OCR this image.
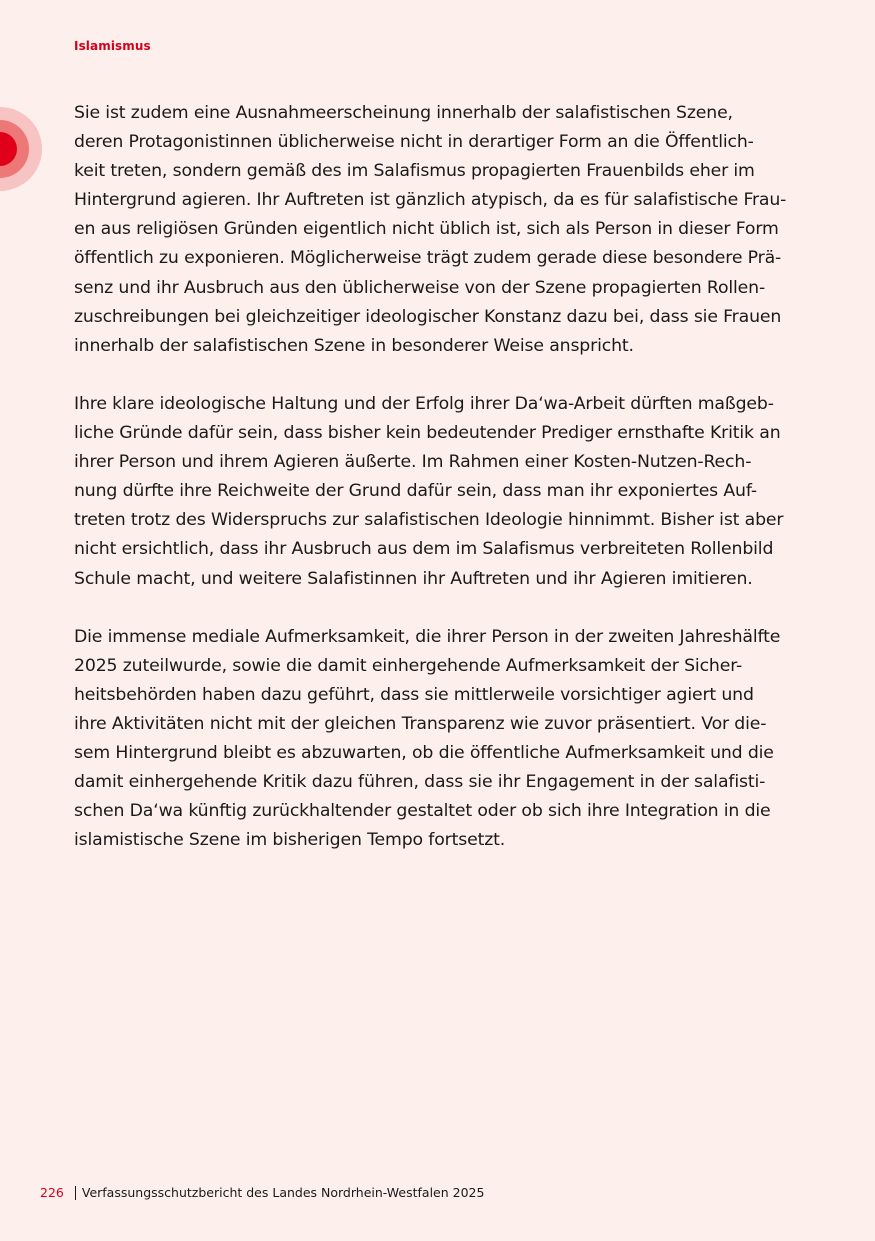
Islamismus

Sie ist zudem eine Ausnahmeerscheinung innerhalb der salafistischen Szene,
deren Protagonistinnen üblicherweise nicht in derartiger Form an die Öffentlich-
keit treten, sondern gemäß des im Salafismus propagierten Frauenbilds eher im
Hintergrund agieren. Ihr Auftreten ist gänzlich atypisch, da es für salafistische Frau-
en aus religiösen Gründen eigentlich nicht üblich ist, sich als Person in dieser Form
öffentlich zu exponieren. Möglicherweise trägt zudem gerade diese besondere Prä-
senz und ihr Ausbruch aus den üblicherweise von der Szene propagierten Rollen-
zuschreibungen bei gleichzeitiger ideologischer Konstanz dazu bei, dass sie Frauen
innerhalb der salafistischen Szene in besonderer Weise anspricht.

Ihre klare ideologische Haltung und der Erfolg ihrer Da‘wa-Arbeit dürften maßgeb-
liche Gründe dafür sein, dass bisher kein bedeutender Prediger ernsthafte Kritik an
ihrer Person und ihrem Agieren äußerte. Im Rahmen einer Kosten-Nutzen-Rech-
nung dürfte ihre Reichweite der Grund dafür sein, dass man ihr exponiertes Auf-
treten trotz des Widerspruchs zur salafistischen Ideologie hinnimmt. Bisher ist aber
nicht ersichtlich, dass ihr Ausbruch aus dem im Salafismus verbreiteten Rollenbild
Schule macht, und weitere Salafistinnen ihr Auftreten und ihr Agieren imitieren.

Die immense mediale Aufmerksamkeit, die ihrer Person in der zweiten Jahreshälfte
2025 zuteilwurde, sowie die damit einhergehende Aufmerksamkeit der Sicher-
heitsbehörden haben dazu geführt, dass sie mittlerweile vorsichtiger agiert und
ihre Aktivitäten nicht mit der gleichen Transparenz wie zuvor präsentiert. Vor die-
sem Hintergrund bleibt es abzuwarten, ob die öffentliche Aufmerksamkeit und die
damit einhergehende Kritik dazu führen, dass sie ihr Engagement in der salafisti-
schen Da‘wa künftig zurückhaltender gestaltet oder ob sich ihre Integration in die
islamistische Szene im bisherigen Tempo fortsetzt.

226 Verfassungsschutzbericht des Landes Nordrhein-Westfalen 2025
